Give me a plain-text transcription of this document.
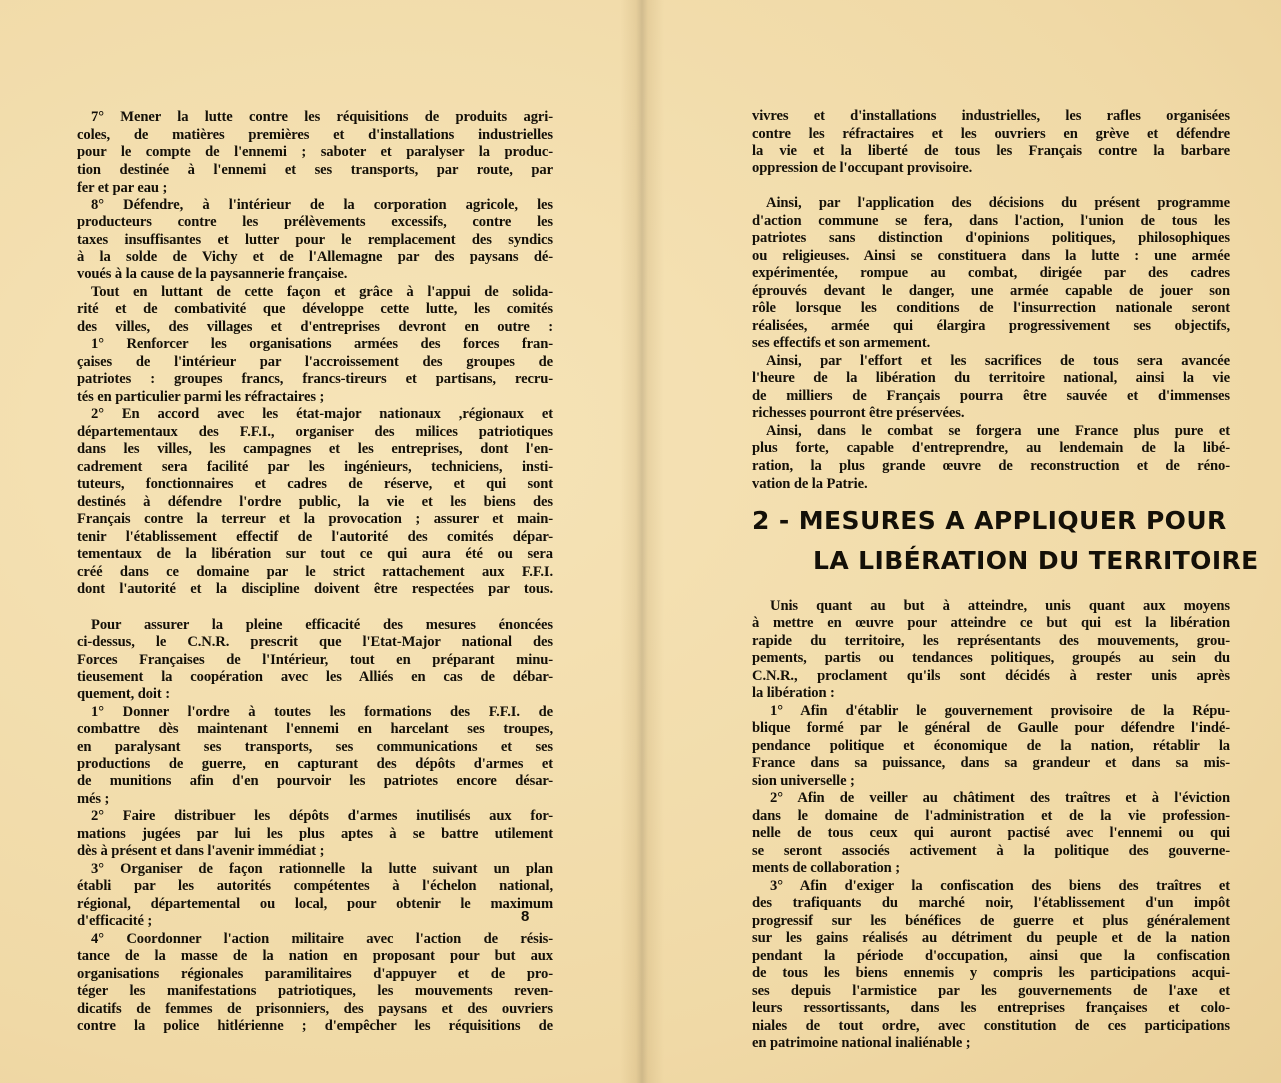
8
7° Mener la lutte contre les réquisitions de produits agri-
coles, de matières premières et d'installations industrielles
pour le compte de l'ennemi ; saboter et paralyser la produc-
tion destinée à l'ennemi et ses transports, par route, par
fer et par eau ;
8° Défendre, à l'intérieur de la corporation agricole, les
producteurs contre les prélèvements excessifs, contre les
taxes insuffisantes et lutter pour le remplacement des syndics
à la solde de Vichy et de l'Allemagne par des paysans dé-
voués à la cause de la paysannerie française.
Tout en luttant de cette façon et grâce à l'appui de solida-
rité et de combativité que développe cette lutte, les comités
des villes, des villages et d'entreprises devront en outre :
1° Renforcer les organisations armées des forces fran-
çaises de l'intérieur par l'accroissement des groupes de
patriotes : groupes francs, francs-tireurs et partisans, recru-
tés en particulier parmi les réfractaires ;
2° En accord avec les état-major nationaux ,régionaux et
départementaux des F.F.I., organiser des milices patriotiques
dans les villes, les campagnes et les entreprises, dont l'en-
cadrement sera facilité par les ingénieurs, techniciens, insti-
tuteurs, fonctionnaires et cadres de réserve, et qui sont
destinés à défendre l'ordre public, la vie et les biens des
Français contre la terreur et la provocation ; assurer et main-
tenir l'établissement effectif de l'autorité des comités dépar-
tementaux de la libération sur tout ce qui aura été ou sera
créé dans ce domaine par le strict rattachement aux F.F.I.
dont l'autorité et la discipline doivent être respectées par tous.
Pour assurer la pleine efficacité des mesures énoncées
ci-dessus, le C.N.R. prescrit que l'Etat-Major national des
Forces Françaises de l'Intérieur, tout en préparant minu-
tieusement la coopération avec les Alliés en cas de débar-
quement, doit :
1° Donner l'ordre à toutes les formations des F.F.I. de
combattre dès maintenant l'ennemi en harcelant ses troupes,
en paralysant ses transports, ses communications et ses
productions de guerre, en capturant des dépôts d'armes et
de munitions afin d'en pourvoir les patriotes encore désar-
més ;
2° Faire distribuer les dépôts d'armes inutilisés aux for-
mations jugées par lui les plus aptes à se battre utilement
dès à présent et dans l'avenir immédiat ;
3° Organiser de façon rationnelle la lutte suivant un plan
établi par les autorités compétentes à l'échelon national,
régional, départemental ou local, pour obtenir le maximum
d'efficacité ;
4° Coordonner l'action militaire avec l'action de résis-
tance de la masse de la nation en proposant pour but aux
organisations régionales paramilitaires d'appuyer et de pro-
téger les manifestations patriotiques, les mouvements reven-
dicatifs de femmes de prisonniers, des paysans et des ouvriers
contre la police hitlérienne ; d'empêcher les réquisitions de
2 - MESURES A APPLIQUER POUR
LA LIBÉRATION DU TERRITOIRE
vivres et d'installations industrielles, les rafles organisées
contre les réfractaires et les ouvriers en grève et défendre
la vie et la liberté de tous les Français contre la barbare
oppression de l'occupant provisoire.
Ainsi, par l'application des décisions du présent programme
d'action commune se fera, dans l'action, l'union de tous les
patriotes sans distinction d'opinions politiques, philosophiques
ou religieuses. Ainsi se constituera dans la lutte : une armée
expérimentée, rompue au combat, dirigée par des cadres
éprouvés devant le danger, une armée capable de jouer son
rôle lorsque les conditions de l'insurrection nationale seront
réalisées, armée qui élargira progressivement ses objectifs,
ses effectifs et son armement.
Ainsi, par l'effort et les sacrifices de tous sera avancée
l'heure de la libération du territoire national, ainsi la vie
de milliers de Français pourra être sauvée et d'immenses
richesses pourront être préservées.
Ainsi, dans le combat se forgera une France plus pure et
plus forte, capable d'entreprendre, au lendemain de la libé-
ration, la plus grande œuvre de reconstruction et de réno-
vation de la Patrie.
Unis quant au but à atteindre, unis quant aux moyens
à mettre en œuvre pour atteindre ce but qui est la libération
rapide du territoire, les représentants des mouvements, grou-
pements, partis ou tendances politiques, groupés au sein du
C.N.R., proclament qu'ils sont décidés à rester unis après
la libération :
1° Afin d'établir le gouvernement provisoire de la Répu-
blique formé par le général de Gaulle pour défendre l'indé-
pendance politique et économique de la nation, rétablir la
France dans sa puissance, dans sa grandeur et dans sa mis-
sion universelle ;
2° Afin de veiller au châtiment des traîtres et à l'éviction
dans le domaine de l'administration et de la vie profession-
nelle de tous ceux qui auront pactisé avec l'ennemi ou qui
se seront associés activement à la politique des gouverne-
ments de collaboration ;
3° Afin d'exiger la confiscation des biens des traîtres et
des trafiquants du marché noir, l'établissement d'un impôt
progressif sur les bénéfices de guerre et plus généralement
sur les gains réalisés au détriment du peuple et de la nation
pendant la période d'occupation, ainsi que la confiscation
de tous les biens ennemis y compris les participations acqui-
ses depuis l'armistice par les gouvernements de l'axe et
leurs ressortissants, dans les entreprises françaises et colo-
niales de tout ordre, avec constitution de ces participations
en patrimoine national inaliénable ;
